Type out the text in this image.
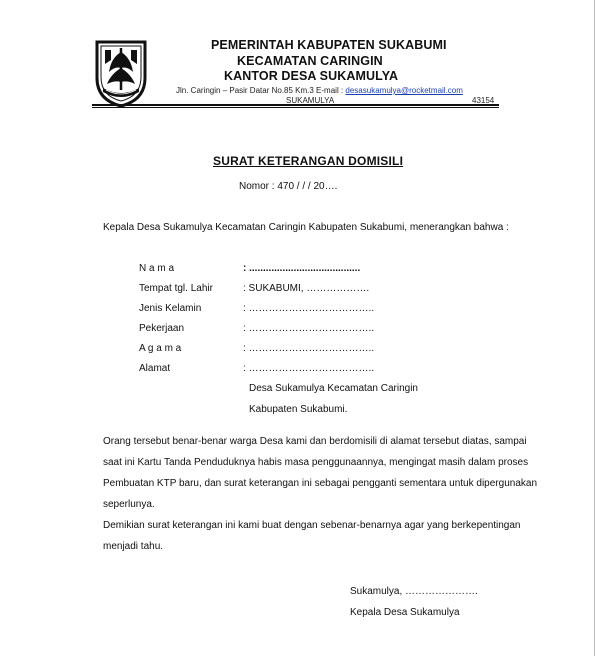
PEMERINTAH KABUPATEN SUKABUMI
KECAMATAN CARINGIN
KANTOR DESA SUKAMULYA
Jln. Caringin – Pasir Datar No.85 Km.3 E-mail : desasukamulya@rocketmail.com
SUKAMULYA	43154
SURAT KETERANGAN DOMISILI
Nomor : 470 / / / 20….
Kepala Desa Sukamulya Kecamatan Caringin Kabupaten Sukabumi, menerangkan bahwa :
N a m a	: ........................................
Tempat tgl. Lahir	: SUKABUMI, ……………….
Jenis Kelamin	: ………………………………..
Pekerjaan	: ………………………………..
A g a m a	: ………………………………..
Alamat	: ………………………………..
Desa Sukamulya Kecamatan Caringin
Kabupaten Sukabumi.
Orang tersebut benar-benar warga Desa kami dan berdomisili di alamat tersebut diatas, sampai
saat ini Kartu Tanda Penduduknya habis masa penggunaannya, mengingat masih dalam proses
Pembuatan KTP baru, dan surat keterangan ini sebagai pengganti sementara untuk dipergunakan
seperlunya.
Demikian surat keterangan ini kami buat dengan sebenar-benarnya agar yang berkepentingan
menjadi tahu.
Sukamulya, ………………….
Kepala Desa Sukamulya
